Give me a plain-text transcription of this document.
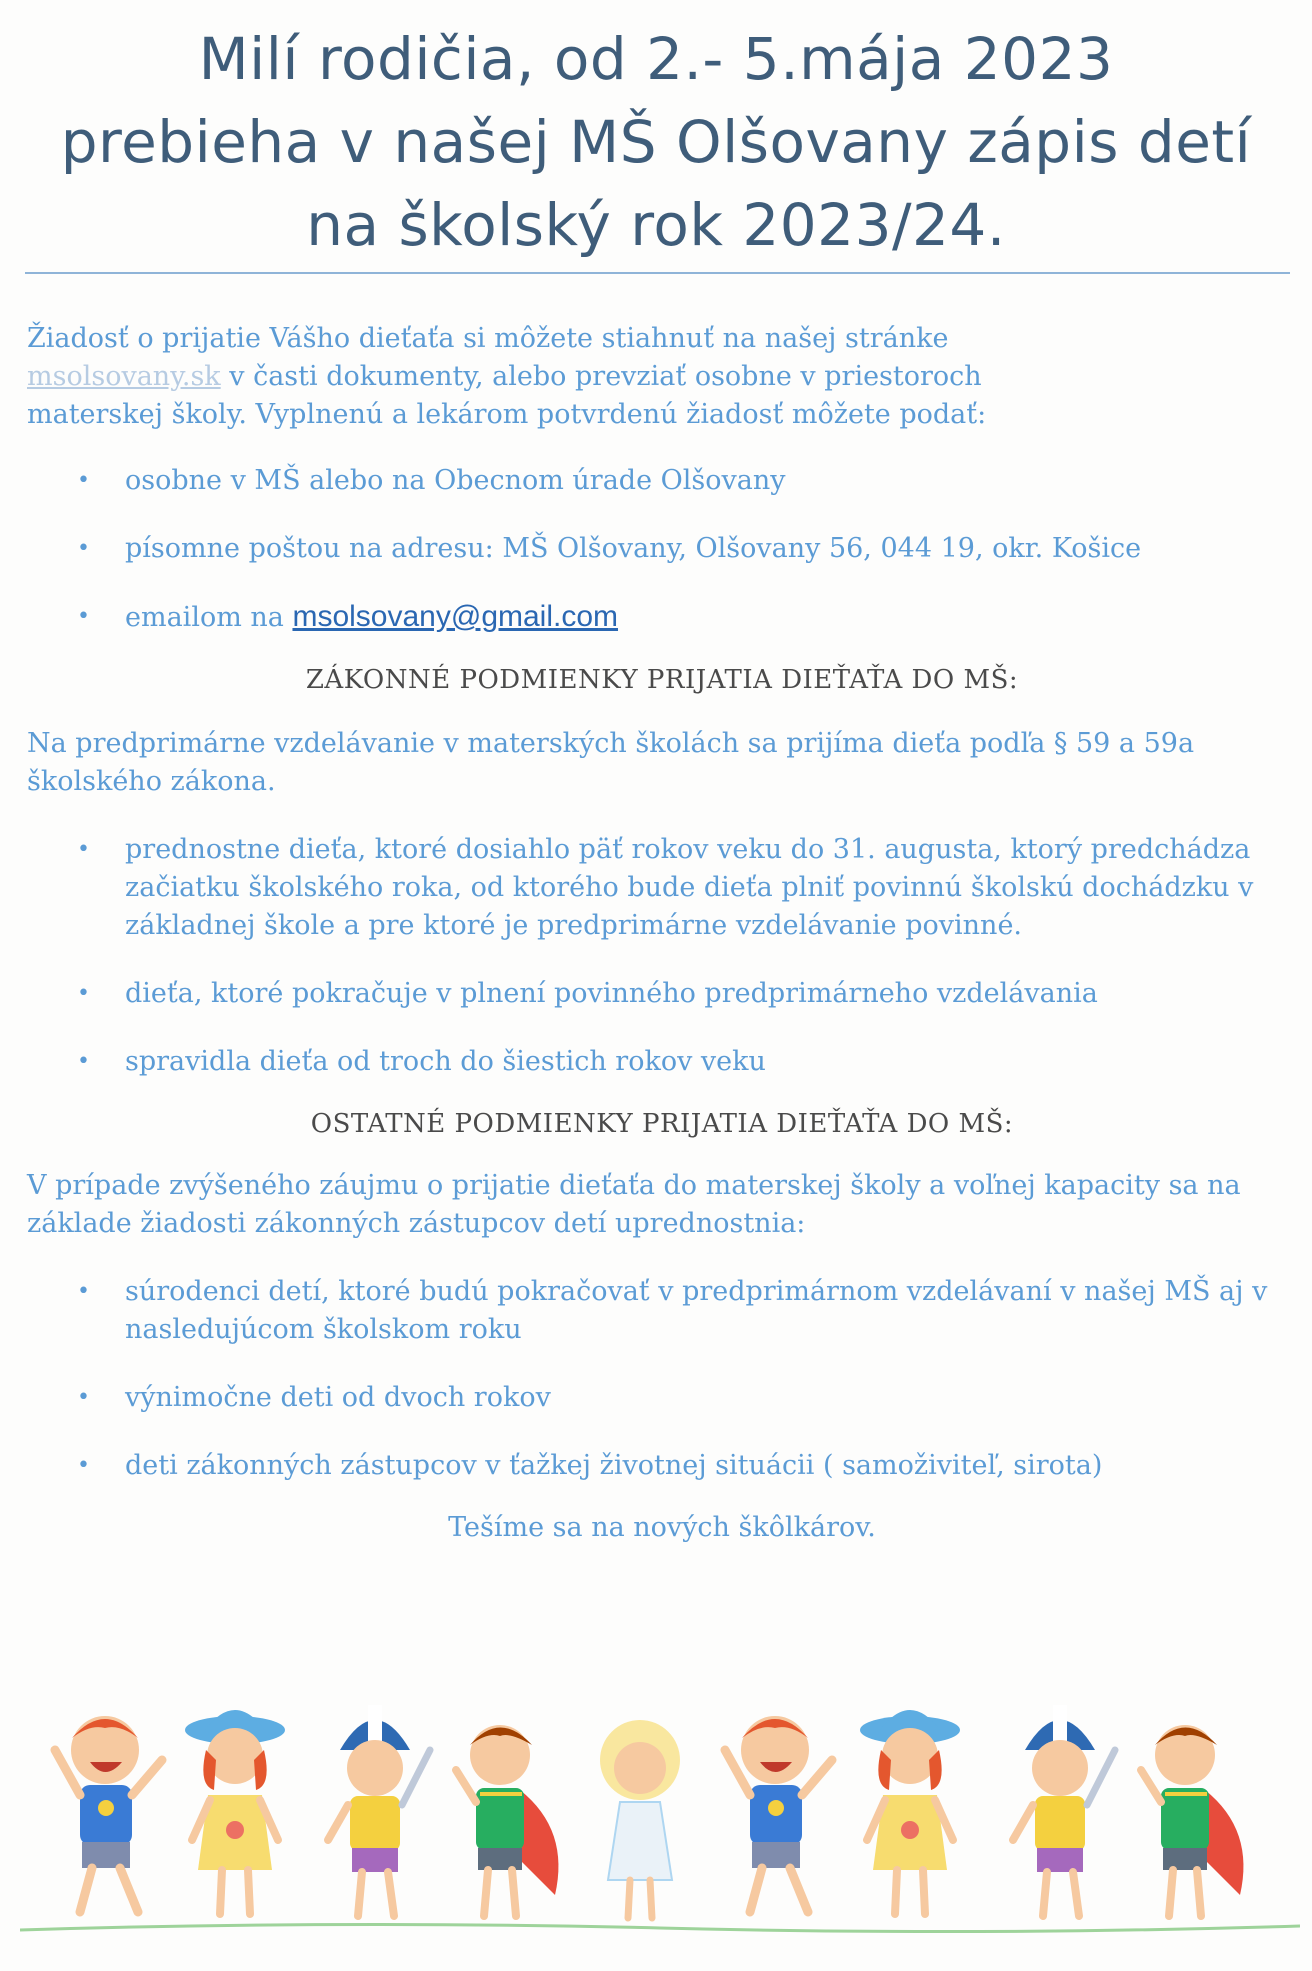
Milí rodičia, od 2.- 5.mája 2023
prebieha v našej MŠ Olšovany zápis detí
na školský rok 2023/24.

Žiadosť o prijatie Vášho dieťaťa si môžete stiahnuť na našej stránke msolsovany.sk v časti dokumenty, alebo prevziať osobne v priestoroch materskej školy. Vyplnenú a lekárom potvrdenú žiadosť môžete podať:

• osobne v MŠ alebo na Obecnom úrade Olšovany
• písomne poštou na adresu: MŠ Olšovany, Olšovany 56, 044 19, okr. Košice
• emailom na msolsovany@gmail.com

ZÁKONNÉ PODMIENKY PRIJATIA DIEŤAŤA DO MŠ:

Na predprimárne vzdelávanie v materských školách sa prijíma dieťa podľa § 59 a 59a školského zákona.

• prednostne dieťa, ktoré dosiahlo päť rokov veku do 31. augusta, ktorý predchádza začiatku školského roka, od ktorého bude dieťa plniť povinnú školskú dochádzku v základnej škole a pre ktoré je predprimárne vzdelávanie povinné.
• dieťa, ktoré pokračuje v plnení povinného predprimárneho vzdelávania
• spravidla dieťa od troch do šiestich rokov veku

OSTATNÉ PODMIENKY PRIJATIA DIEŤAŤA DO MŠ:

V prípade zvýšeného záujmu o prijatie dieťaťa do materskej školy a voľnej kapacity sa na základe žiadosti zákonných zástupcov detí uprednostnia:

• súrodenci detí, ktoré budú pokračovať v predprimárnom vzdelávaní v našej MŠ aj v nasledujúcom školskom roku
• výnimočne deti od dvoch rokov
• deti zákonných zástupcov v ťažkej životnej situácii ( samoživiteľ, sirota)

Tešíme sa na nových škôlkárov.
